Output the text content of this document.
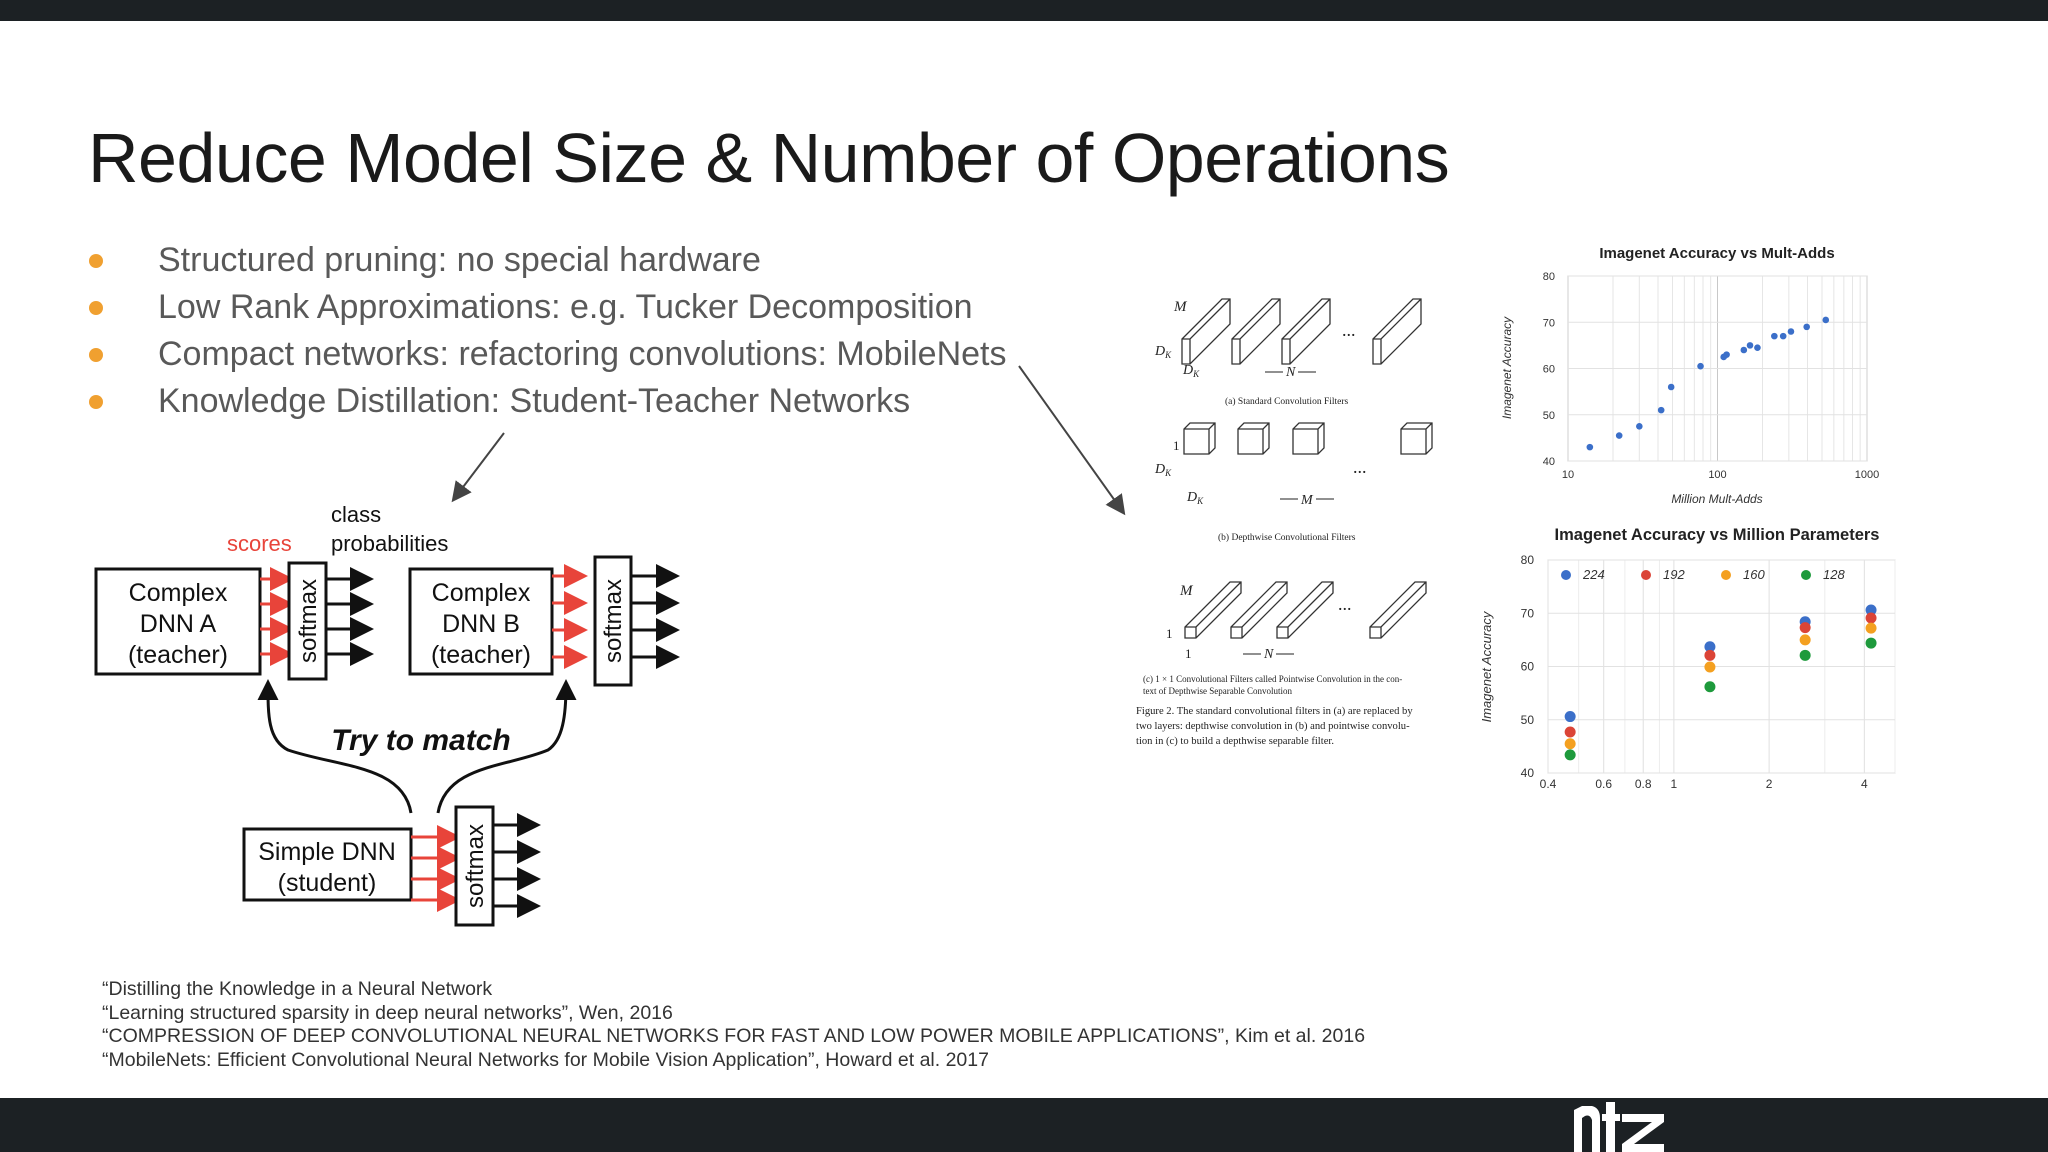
Reduce Model Size & Number of Operations
Structured pruning: no special hardware
Low Rank Approximations: e.g. Tucker Decomposition
Compact networks: refactoring convolutions: MobileNets
Knowledge Distillation: Student-Teacher Networks
scores
class
probabilities
Complex
DNN A
(teacher)	softmax	Complex
DNN B
(teacher)	softmax
Try to match
Simple DNN
(student)	softmax
...
M
$D_K$
$D_K$	N
(a) Standard Convolution Filters
...
1
$D_K$
$D_K$	M
(b) Depthwise Convolutional Filters
...
M
1
1	N
(c) 1 × 1 Convolutional Filters called Pointwise Convolution in the con-
text of Depthwise Separable Convolution
Figure 2. The standard convolutional filters in (a) are replaced by
two layers: depthwise convolution in (b) and pointwise convolu-
tion in (c) to build a depthwise separable filter.
Imagenet Accuracy vs Mult-Adds
Million Mult-Adds
Imagenet Accuracy
40
50
60
70
80
10	100	1000
Imagenet Accuracy vs Million Parameters
Imagenet Accuracy
0.4	0.6 0.8 1	2	4
40
50
60
70
80
224	192	160	128
“Distilling the Knowledge in a Neural Network
“Learning structured sparsity in deep neural networks”, Wen, 2016
“COMPRESSION OF DEEP CONVOLUTIONAL NEURAL NETWORKS FOR FAST AND LOW POWER MOBILE APPLICATIONS”, Kim et al. 2016
“MobileNets: Efficient Convolutional Neural Networks for Mobile Vision Application”, Howard et al. 2017
